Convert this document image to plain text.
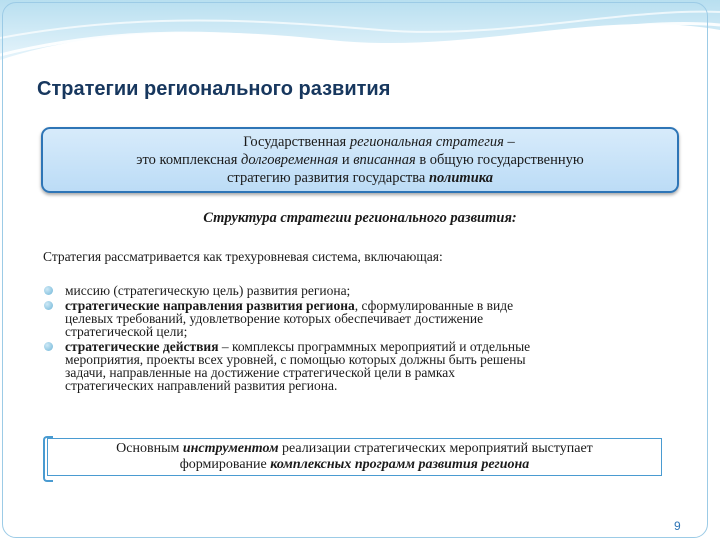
Стратегии регионального развития
Государственная региональная стратегия –
это комплексная долговременная и вписанная в общую государственную
стратегию развития государства политика
Структура стратегии регионального развития:
Стратегия рассматривается как трехуровневая система, включающая:
миссию (стратегическую цель) развития региона;
стратегические направления развития региона, сформулированные в виде
целевых требований, удовлетворение которых обеспечивает достижение
стратегической цели;
стратегические действия – комплексы программных мероприятий и отдельные
мероприятия, проекты всех уровней, с помощью которых должны быть решены
задачи, направленные на достижение стратегической цели в рамках
стратегических направлений развития региона.
Основным инструментом реализации стратегических мероприятий выступает
формирование комплексных программ развития региона
9
